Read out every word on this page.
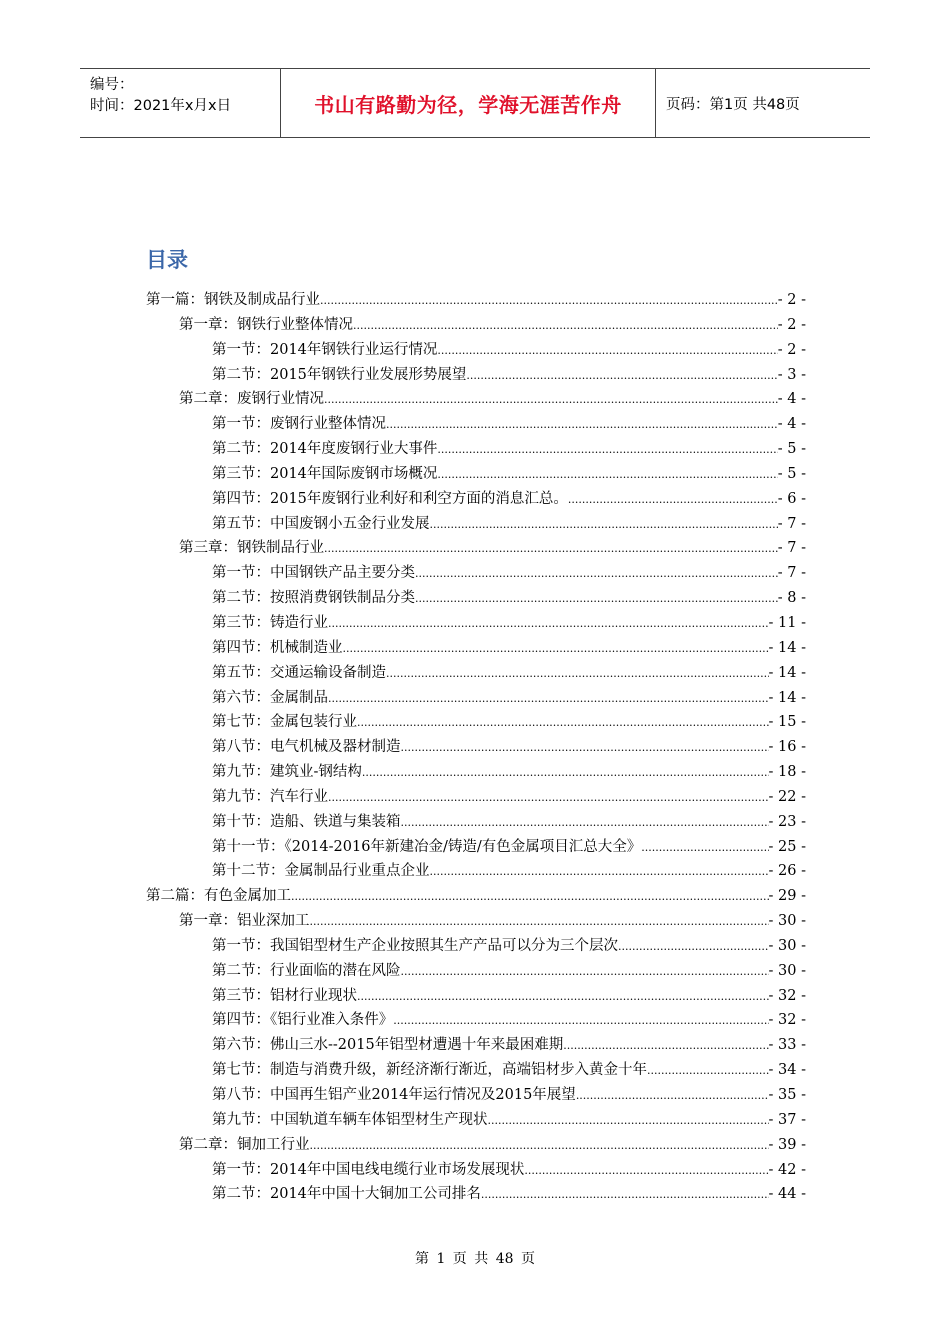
编号：
时间：2021年x月x日	书山有路勤为径，学海无涯苦作舟	页码：第1页 共48页
目录
第一篇：钢铁及制成品行业 .....	- 2 -
第一章：钢铁行业整体情况 .....	- 2 -
第一节：2014年钢铁行业运行情况 .....	- 2 -
第二节：2015年钢铁行业发展形势展望 .....	- 3 -
第二章：废钢行业情况 .....	- 4 -
第一节：废钢行业整体情况 .....	- 4 -
第二节：2014年度废钢行业大事件 .....	- 5 -
第三节：2014年国际废钢市场概况 .....	- 5 -
第四节：2015年废钢行业利好和利空方面的消息汇总。 .....	- 6 -
第五节：中国废钢小五金行业发展 .....	- 7 -
第三章：钢铁制品行业 .....	- 7 -
第一节：中国钢铁产品主要分类 .....	- 7 -
第二节：按照消费钢铁制品分类 .....	- 8 -
第三节：铸造行业 .....	- 11 -
第四节：机械制造业 .....	- 14 -
第五节：交通运输设备制造 .....	- 14 -
第六节：金属制品 .....	- 14 -
第七节：金属包装行业 .....	- 15 -
第八节：电气机械及器材制造 .....	- 16 -
第九节：建筑业-钢结构 .....	- 18 -
第九节：汽车行业 .....	- 22 -
第十节：造船、铁道与集装箱 .....	- 23 -
第十一节：《2014-2016年新建冶金/铸造/有色金属项目汇总大全》 .....	- 25 -
第十二节：金属制品行业重点企业 .....	- 26 -
第二篇：有色金属加工 .....	- 29 -
第一章：铝业深加工 .....	- 30 -
第一节：我国铝型材生产企业按照其生产产品可以分为三个层次 .....	- 30 -
第二节：行业面临的潜在风险 .....	- 30 -
第三节：铝材行业现状 .....	- 32 -
第四节：《铝行业准入条件》 .....	- 32 -
第六节：佛山三水--2015年铝型材遭遇十年来最困难期 .....	- 33 -
第七节：制造与消费升级，新经济渐行渐近，高端铝材步入黄金十年 .....	- 34 -
第八节：中国再生铝产业2014年运行情况及2015年展望 .....	- 35 -
第九节：中国轨道车辆车体铝型材生产现状 .....	- 37 -
第二章：铜加工行业 .....	- 39 -
第一节：2014年中国电线电缆行业市场发展现状 .....	- 42 -
第二节：2014年中国十大铜加工公司排名 .....	- 44 -
第 1 页 共 48 页
